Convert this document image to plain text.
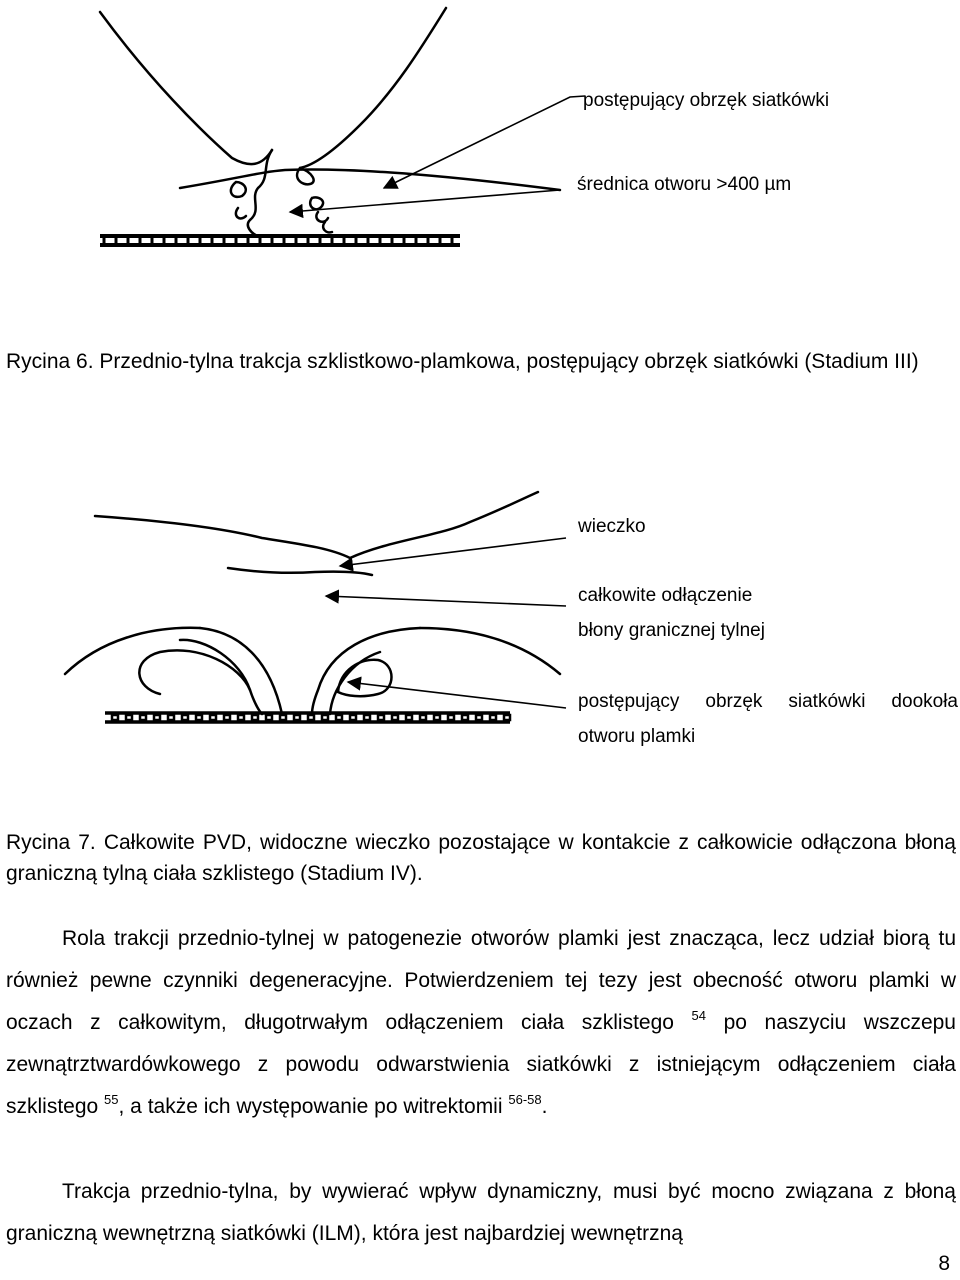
postępujący obrzęk siatkówki
średnica otworu >400 µm
Rycina 6. Przednio-tylna trakcja szklistkowo-plamkowa, postępujący obrzęk siatkówki (Stadium III)
wieczko
całkowite odłączenie
błony granicznej tylnej
postępujący obrzęk siatkówki dookoła
otworu plamki
Rycina 7. Całkowite PVD, widoczne wieczko pozostające w kontakcie z całkowicie odłączona błoną graniczną tylną ciała szklistego (Stadium IV).
Rola trakcji przednio-tylnej w patogenezie otworów plamki jest znacząca, lecz udział biorą tu również pewne czynniki degeneracyjne. Potwierdzeniem tej tezy jest obecność otworu plamki w oczach z całkowitym, długotrwałym odłączeniem ciała szklistego $^{54}$ po naszyciu wszczepu zewnątrztwardówkowego z powodu odwarstwienia siatkówki z istniejącym odłączeniem ciała szklistego $^{55}$, a także ich występowanie po witrektomii $^{56-58}$.
Trakcja przednio-tylna, by wywierać wpływ dynamiczny, musi być mocno związana z błoną graniczną wewnętrzną siatkówki (ILM), która jest najbardziej wewnętrzną
8
